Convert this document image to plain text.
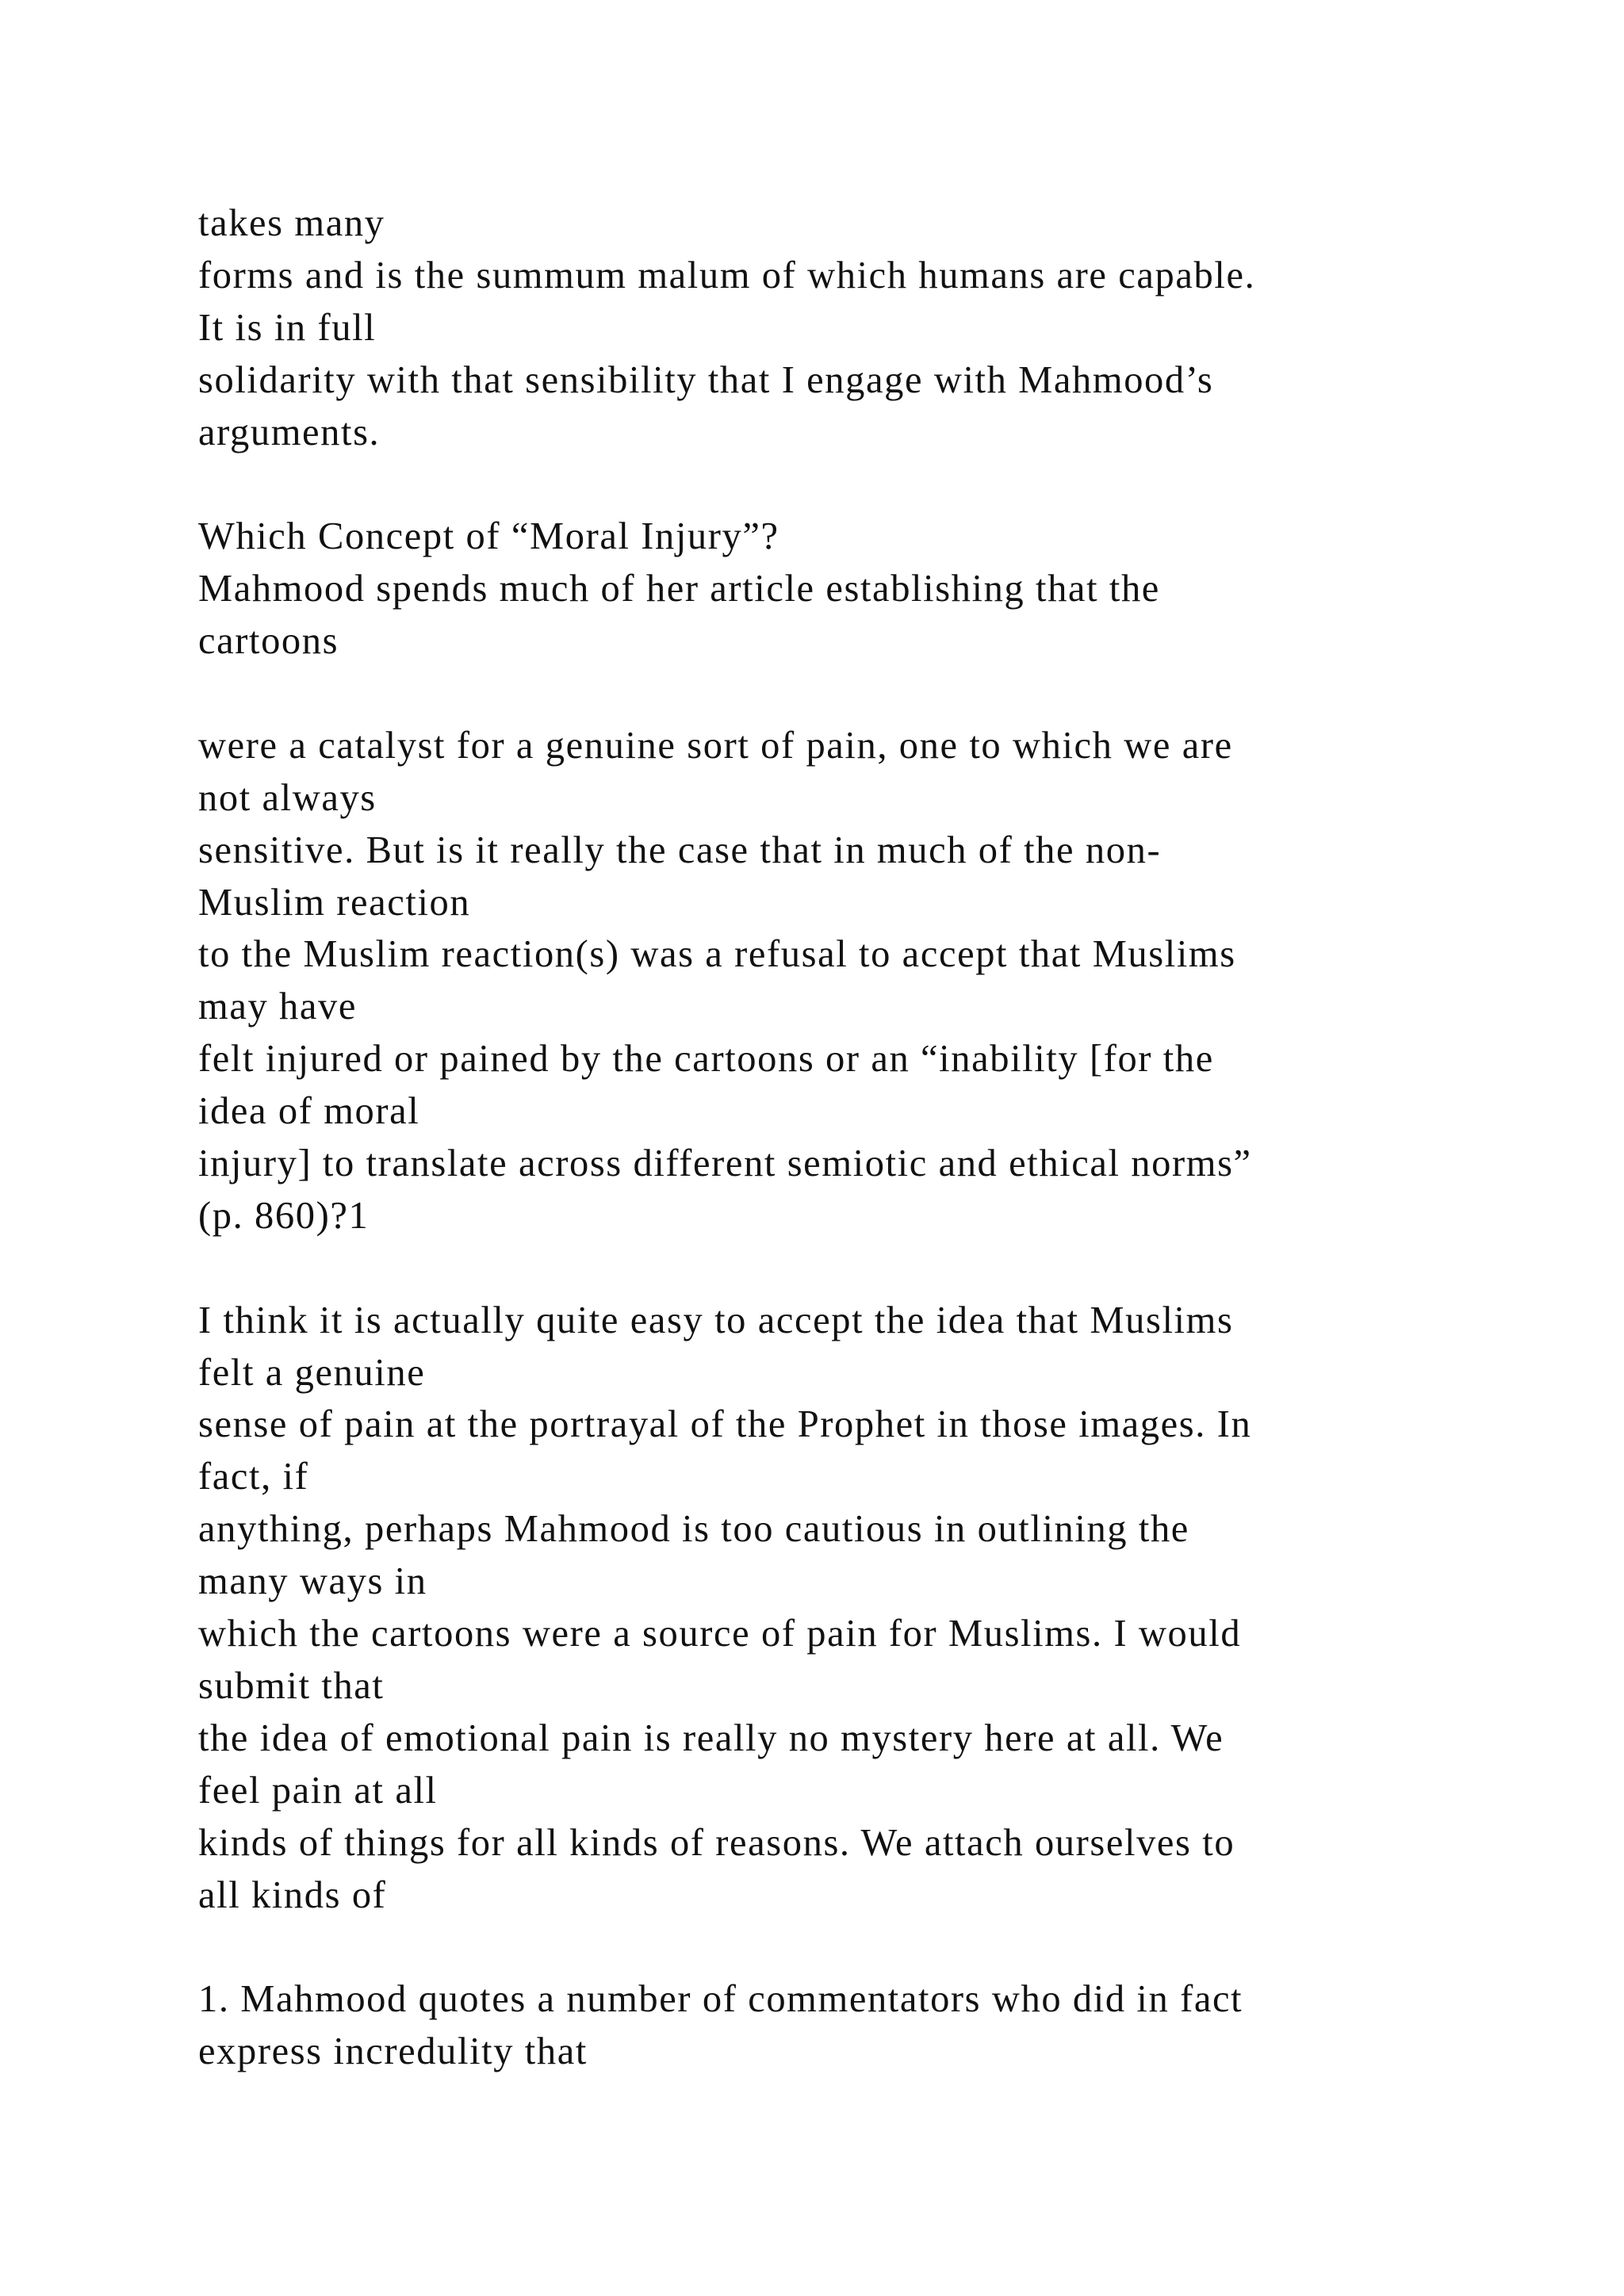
takes many
forms and is the summum malum of which humans are capable.
It is in full
solidarity with that sensibility that I engage with Mahmood’s
arguments.
Which Concept of “Moral Injury”?
Mahmood spends much of her article establishing that the
cartoons
were a catalyst for a genuine sort of pain, one to which we are
not always
sensitive. But is it really the case that in much of the non-
Muslim reaction
to the Muslim reaction(s) was a refusal to accept that Muslims
may have
felt injured or pained by the cartoons or an “inability [for the
idea of moral
injury] to translate across different semiotic and ethical norms”
(p. 860)?1
I think it is actually quite easy to accept the idea that Muslims
felt a genuine
sense of pain at the portrayal of the Prophet in those images. In
fact, if
anything, perhaps Mahmood is too cautious in outlining the
many ways in
which the cartoons were a source of pain for Muslims. I would
submit that
the idea of emotional pain is really no mystery here at all. We
feel pain at all
kinds of things for all kinds of reasons. We attach ourselves to
all kinds of
1. Mahmood quotes a number of commentators who did in fact
express incredulity that
